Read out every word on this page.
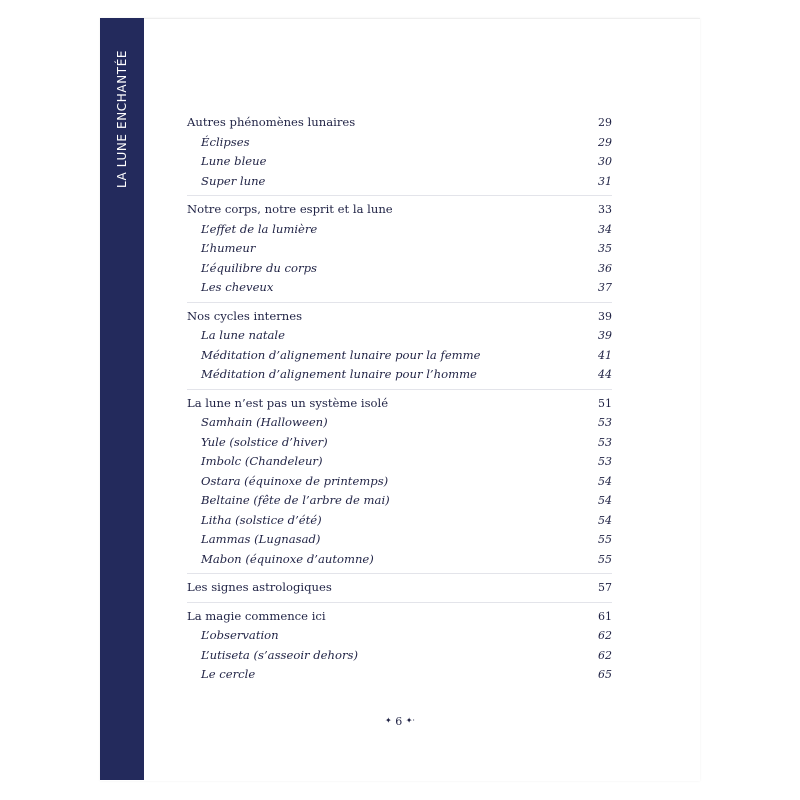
LA LUNE ENCHANTÉE	Autres phénomènes lunaires	29
Éclipses	29
Lune bleue	30
Super lune	31
Notre corps, notre esprit et la lune	33
L’effet de la lumière	34
L’humeur	35
L’équilibre du corps	36
Les cheveux	37
Nos cycles internes	39
La lune natale	39
Méditation d’alignement lunaire pour la femme	41
Méditation d’alignement lunaire pour l’homme	44
La lune n’est pas un système isolé	51
Samhain (Halloween)	53
Yule (solstice d’hiver)	53
Imbolc (Chandeleur)	53
Ostara (équinoxe de printemps)	54
Beltaine (fête de l’arbre de mai)	54
Litha (solstice d’été)	54
Lammas (Lugnasad)	55
Mabon (équinoxe d’automne)	55
Les signes astrologiques	57
La magie commence ici	61
L’observation	62
L’utiseta (s’asseoir dehors)	62
Le cercle	65
✦ 6 ✦·
